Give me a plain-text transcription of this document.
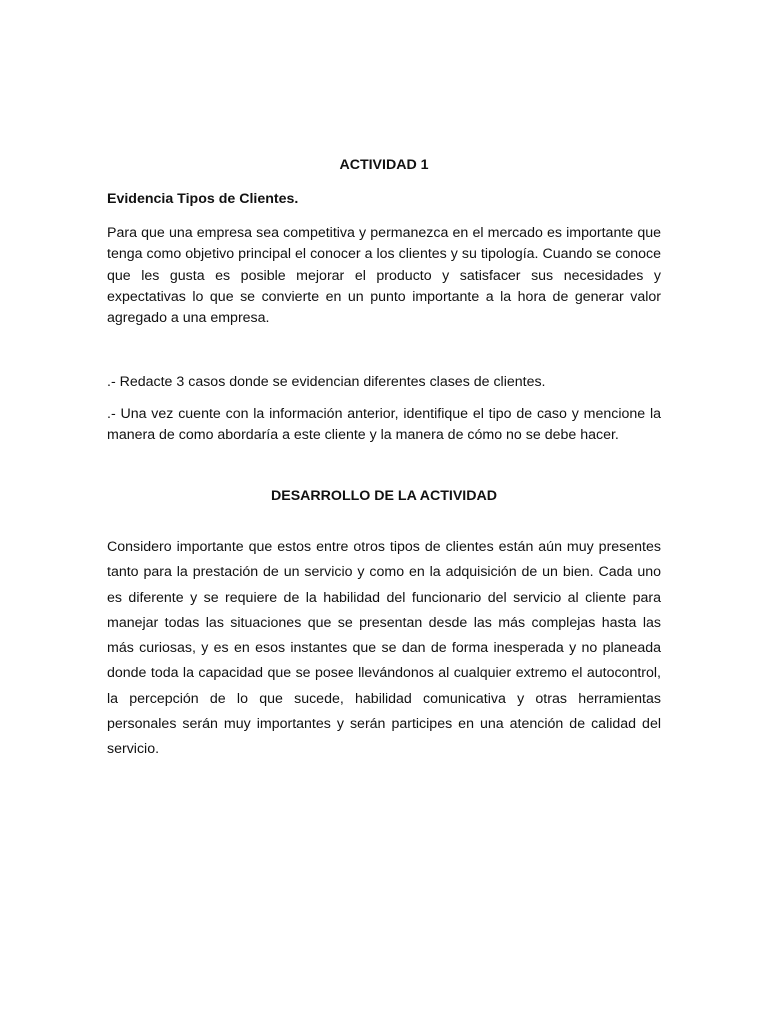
ACTIVIDAD 1

Evidencia Tipos de Clientes.

Para que una empresa sea competitiva y permanezca en el mercado es importante que tenga como objetivo principal el conocer a los clientes y su tipología. Cuando se conoce que les gusta es posible mejorar el producto y satisfacer sus necesidades y expectativas lo que se convierte en un punto importante a la hora de generar valor agregado a una empresa.

.- Redacte 3 casos donde se evidencian diferentes clases de clientes.

.- Una vez cuente con la información anterior, identifique el tipo de caso y mencione la manera de como abordaría a este cliente y la manera de cómo no se debe hacer.

DESARROLLO DE LA ACTIVIDAD

Considero importante que estos entre otros tipos de clientes están aún muy presentes tanto para la prestación de un servicio y como en la adquisición de un bien. Cada uno es diferente y se requiere de la habilidad del funcionario del servicio al cliente para manejar todas las situaciones que se presentan desde las más complejas hasta las más curiosas, y es en esos instantes que se dan de forma inesperada y no planeada donde toda la capacidad que se posee llevándonos al cualquier extremo el autocontrol, la percepción de lo que sucede, habilidad comunicativa y otras herramientas personales serán muy importantes y serán participes en una atención de calidad del servicio.
